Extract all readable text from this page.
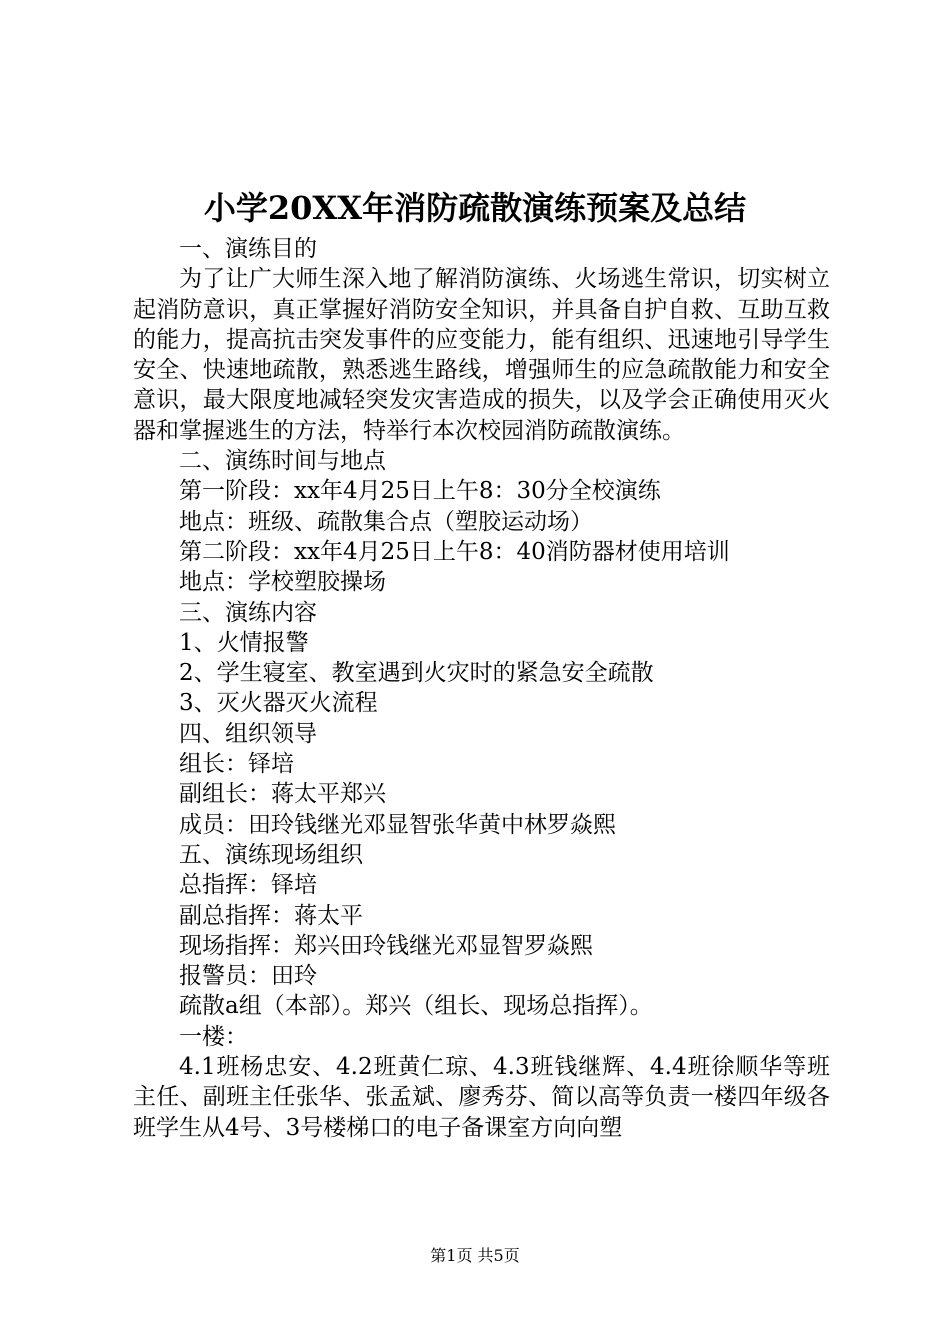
小学20XX年消防疏散演练预案及总结
一、演练目的
为了让广大师生深入地了解消防演练、火场逃生常识，切实树立起消防意识，真正掌握好消防安全知识，并具备自护自救、互助互救的能力，提高抗击突发事件的应变能力，能有组织、迅速地引导学生安全、快速地疏散，熟悉逃生路线，增强师生的应急疏散能力和安全意识，最大限度地减轻突发灾害造成的损失，以及学会正确使用灭火器和掌握逃生的方法，特举行本次校园消防疏散演练。
二、演练时间与地点
第一阶段：xx年4月25日上午8：30分全校演练
地点：班级、疏散集合点（塑胶运动场）
第二阶段：xx年4月25日上午8：40消防器材使用培训
地点：学校塑胶操场
三、演练内容
1、火情报警
2、学生寝室、教室遇到火灾时的紧急安全疏散
3、灭火器灭火流程
四、组织领导
组长：铎培
副组长：蒋太平郑兴
成员：田玲钱继光邓显智张华黄中林罗焱熙
五、演练现场组织
总指挥：铎培
副总指挥：蒋太平
现场指挥：郑兴田玲钱继光邓显智罗焱熙
报警员：田玲
疏散a组（本部）。郑兴（组长、现场总指挥）。
一楼：
4.1班杨忠安、4.2班黄仁琼、4.3班钱继辉、4.4班徐顺华等班主任、副班主任张华、张孟斌、廖秀芬、简以高等负责一楼四年级各班学生从4号、3号楼梯口的电子备课室方向向塑
第1页 共5页
